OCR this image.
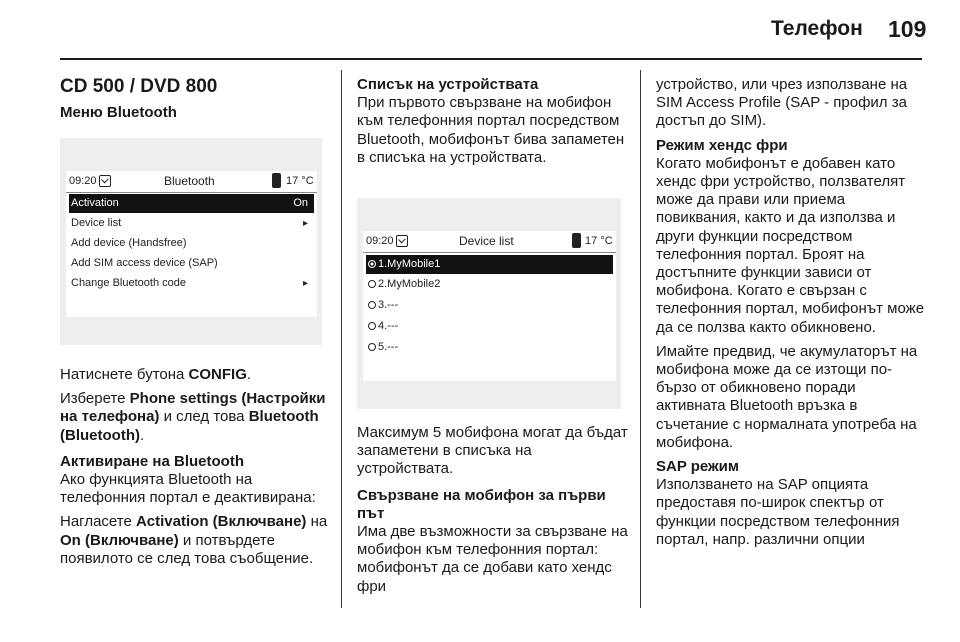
Телефон 109
CD 500 / DVD 800
Меню Bluetooth
09:20	Bluetooth	17 °C
Activation	On
Device list	▸
Add device (Handsfree)
Add SIM access device (SAP)
Change Bluetooth code	▸

Натиснете бутона CONFIG.

Изберете Phone settings (Настройки на телефона) и след това Bluetooth (Bluetooth).

Активиране на Bluetooth

Ако функцията Bluetooth на телефонния портал е деактивирана:

Нагласете Activation (Включване) на On (Включване) и потвърдете появилото се след това съобщение.

Списък на устройствата

При първото свързване на мобифон към телефонния портал посредством Bluetooth, мобифонът бива запаметен в списъка на устройствата.

09:20	Device list	17 °C
1.MyMobile1
2.MyMobile2
3.---
4.---
5.---

Максимум 5 мобифона могат да бъдат запаметени в списъка на устройствата.

Свързване на мобифон за първи път

Има две възможности за свързване на мобифон към телефонния портал: мобифонът да се добави като хендс фри

устройство, или чрез използване на SIM Access Profile (SAP - профил за достъп до SIM).

Режим хендс фри

Когато мобифонът е добавен като хендс фри устройство, ползвателят може да прави или приема повиквания, както и да използва и други функции посредством телефонния портал. Броят на достъпните функции зависи от мобифона. Когато е свързан с телефонния портал, мобифонът може да се ползва както обикновено.

Имайте предвид, че акумулаторът на мобифона може да се изтощи по-бързо от обикновено поради активната Bluetooth връзка в съчетание с нормалната употреба на мобифона.

SAP режим

Използването на SAP опцията предоставя по-широк спектър от функции посредством телефонния портал, напр. различни опции
